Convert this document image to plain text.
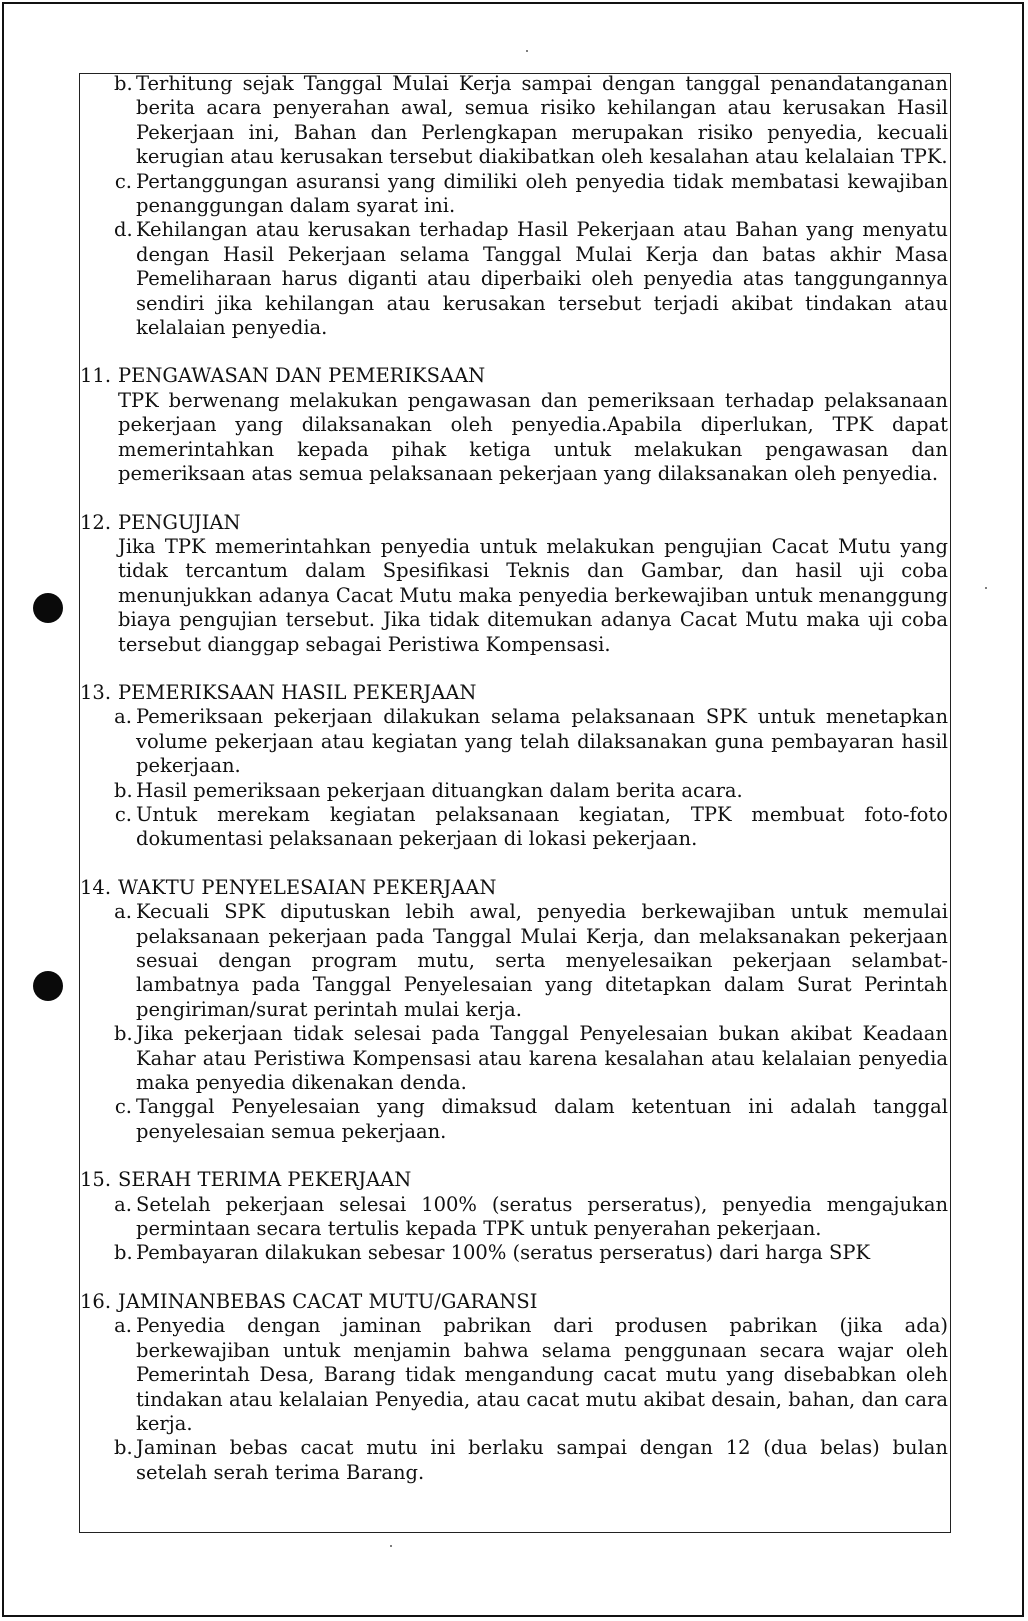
b. Terhitung sejak Tanggal Mulai Kerja sampai dengan tanggal penandatanganan berita acara penyerahan awal, semua risiko kehilangan atau kerusakan Hasil Pekerjaan ini, Bahan dan Perlengkapan merupakan risiko penyedia, kecuali kerugian atau kerusakan tersebut diakibatkan oleh kesalahan atau kelalaian TPK.
c. Pertanggungan asuransi yang dimiliki oleh penyedia tidak membatasi kewajiban penanggungan dalam syarat ini.
d. Kehilangan atau kerusakan terhadap Hasil Pekerjaan atau Bahan yang menyatu dengan Hasil Pekerjaan selama Tanggal Mulai Kerja dan batas akhir Masa Pemeliharaan harus diganti atau diperbaiki oleh penyedia atas tanggungannya sendiri jika kehilangan atau kerusakan tersebut terjadi akibat tindakan atau kelalaian penyedia.
11. PENGAWASAN DAN PEMERIKSAAN
TPK berwenang melakukan pengawasan dan pemeriksaan terhadap pelaksanaan pekerjaan yang dilaksanakan oleh penyedia.Apabila diperlukan, TPK dapat memerintahkan kepada pihak ketiga untuk melakukan pengawasan dan pemeriksaan atas semua pelaksanaan pekerjaan yang dilaksanakan oleh penyedia.
12. PENGUJIAN
Jika TPK memerintahkan penyedia untuk melakukan pengujian Cacat Mutu yang tidak tercantum dalam Spesifikasi Teknis dan Gambar, dan hasil uji coba menunjukkan adanya Cacat Mutu maka penyedia berkewajiban untuk menanggung biaya pengujian tersebut. Jika tidak ditemukan adanya Cacat Mutu maka uji coba tersebut dianggap sebagai Peristiwa Kompensasi.
13. PEMERIKSAAN HASIL PEKERJAAN
a. Pemeriksaan pekerjaan dilakukan selama pelaksanaan SPK untuk menetapkan volume pekerjaan atau kegiatan yang telah dilaksanakan guna pembayaran hasil pekerjaan.
b. Hasil pemeriksaan pekerjaan dituangkan dalam berita acara.
c. Untuk merekam kegiatan pelaksanaan kegiatan, TPK membuat foto-foto dokumentasi pelaksanaan pekerjaan di lokasi pekerjaan.
14. WAKTU PENYELESAIAN PEKERJAAN
a. Kecuali SPK diputuskan lebih awal, penyedia berkewajiban untuk memulai pelaksanaan pekerjaan pada Tanggal Mulai Kerja, dan melaksanakan pekerjaan sesuai dengan program mutu, serta menyelesaikan pekerjaan selambat-lambatnya pada Tanggal Penyelesaian yang ditetapkan dalam Surat Perintah pengiriman/surat perintah mulai kerja.
b. Jika pekerjaan tidak selesai pada Tanggal Penyelesaian bukan akibat Keadaan Kahar atau Peristiwa Kompensasi atau karena kesalahan atau kelalaian penyedia maka penyedia dikenakan denda.
c. Tanggal Penyelesaian yang dimaksud dalam ketentuan ini adalah tanggal penyelesaian semua pekerjaan.
15. SERAH TERIMA PEKERJAAN
a. Setelah pekerjaan selesai 100% (seratus perseratus), penyedia mengajukan permintaan secara tertulis kepada TPK untuk penyerahan pekerjaan.
b. Pembayaran dilakukan sebesar 100% (seratus perseratus) dari harga SPK
16. JAMINANBEBAS CACAT MUTU/GARANSI
a. Penyedia dengan jaminan pabrikan dari produsen pabrikan (jika ada) berkewajiban untuk menjamin bahwa selama penggunaan secara wajar oleh Pemerintah Desa, Barang tidak mengandung cacat mutu yang disebabkan oleh tindakan atau kelalaian Penyedia, atau cacat mutu akibat desain, bahan, dan cara kerja.
b. Jaminan bebas cacat mutu ini berlaku sampai dengan 12 (dua belas) bulan setelah serah terima Barang.
